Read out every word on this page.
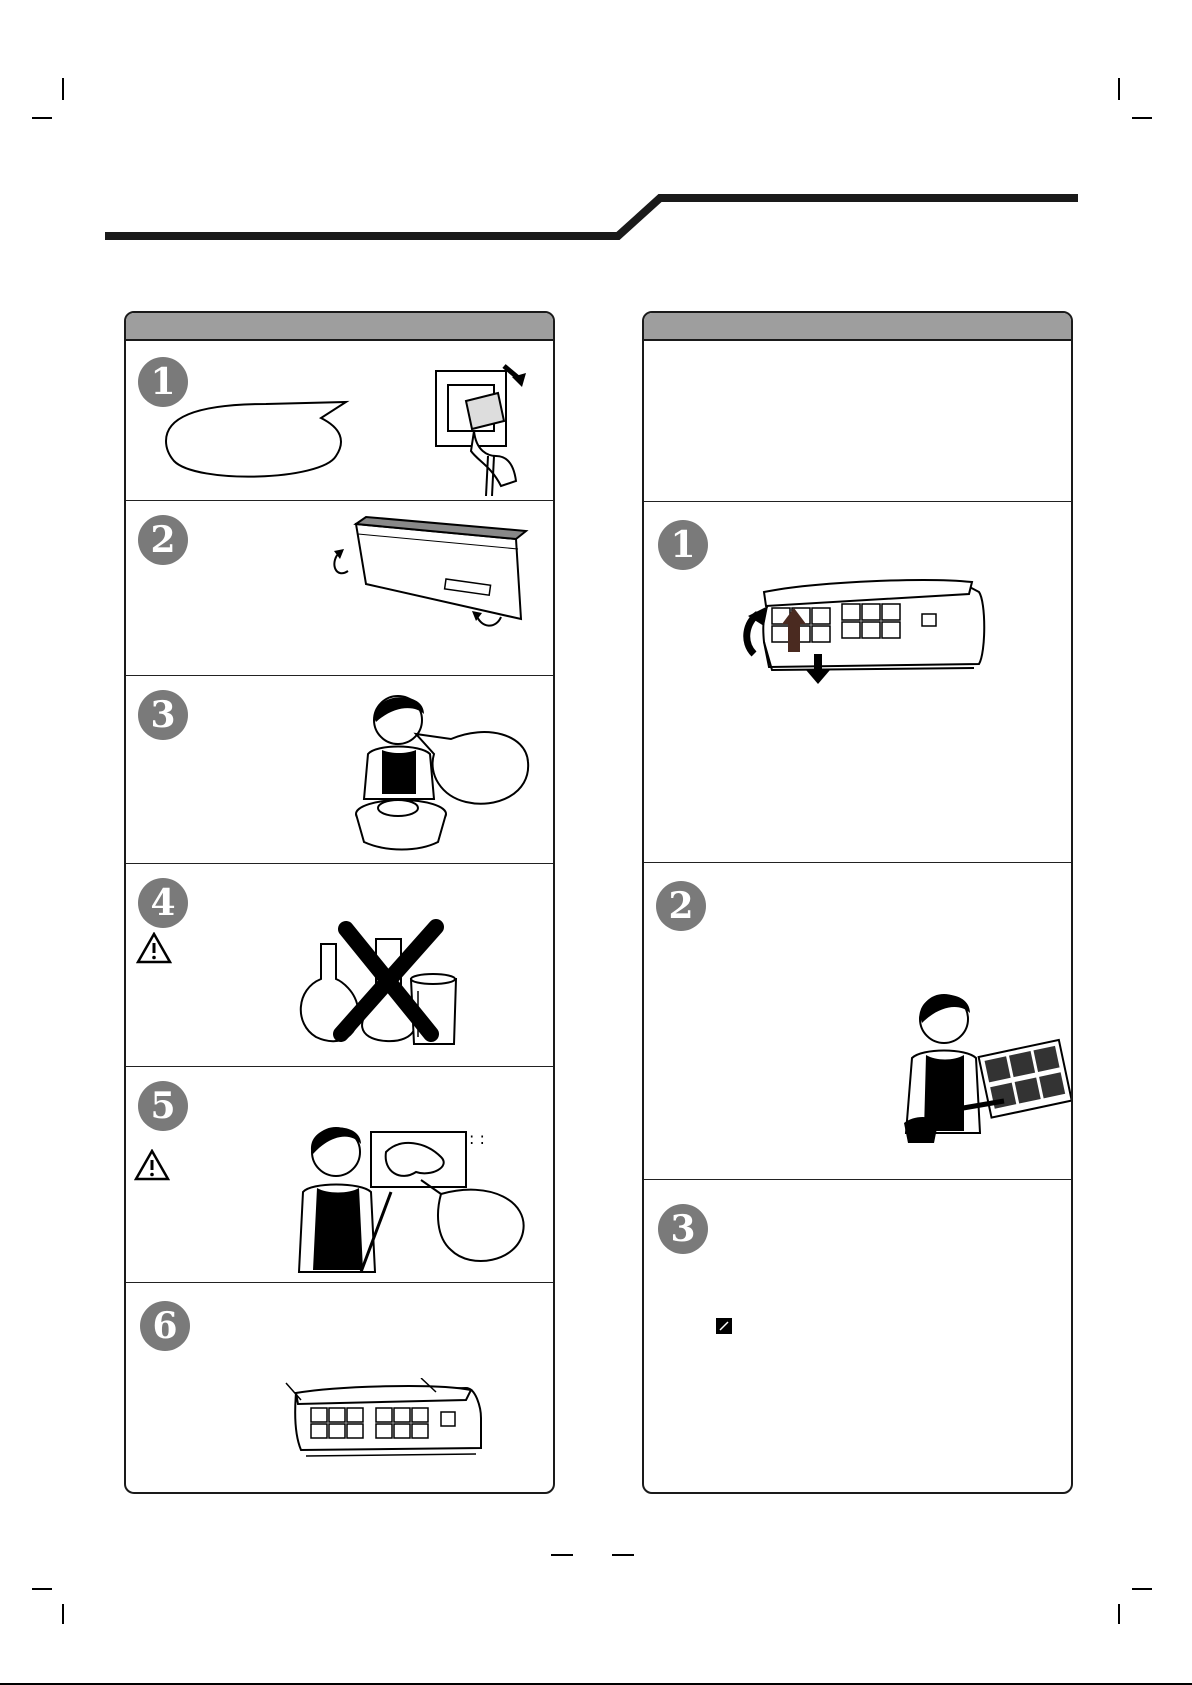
1
2
3
4
5
: :
6
1
2
3
